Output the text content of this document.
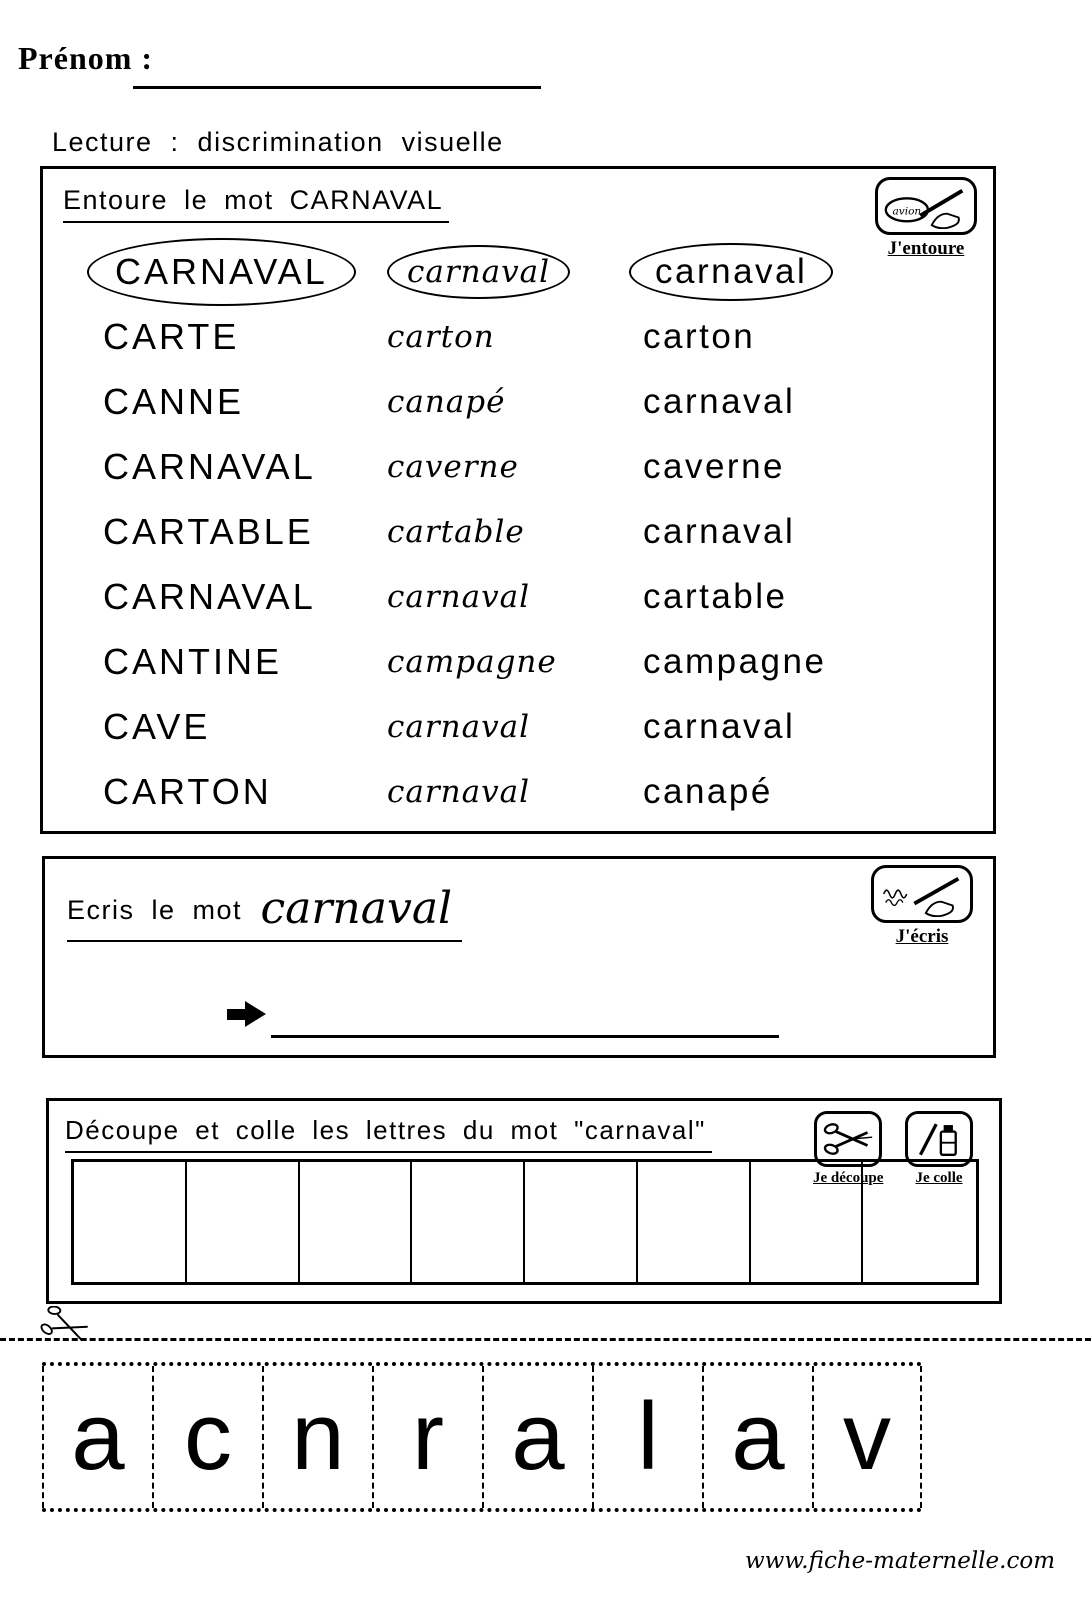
Prénom :
Lecture : discrimination visuelle
Entoure le mot CARNAVAL	avion
J'entoure
CARNAVAL	carnaval	carnaval
CARTE	carton	carton
CANNE	canapé	carnaval
CARNAVAL	caverne	caverne
CARTABLE	cartable	carnaval
CARNAVAL	carnaval	cartable
CANTINE	campagne	campagne
CAVE	carnaval	carnaval
CARTON	carnaval	canapé
Ecris le mot carnaval
J'écris
Découpe et colle les lettres du mot "carnaval"
Je découpe Je colle
a c n r a l a v
www.fiche-maternelle.com
